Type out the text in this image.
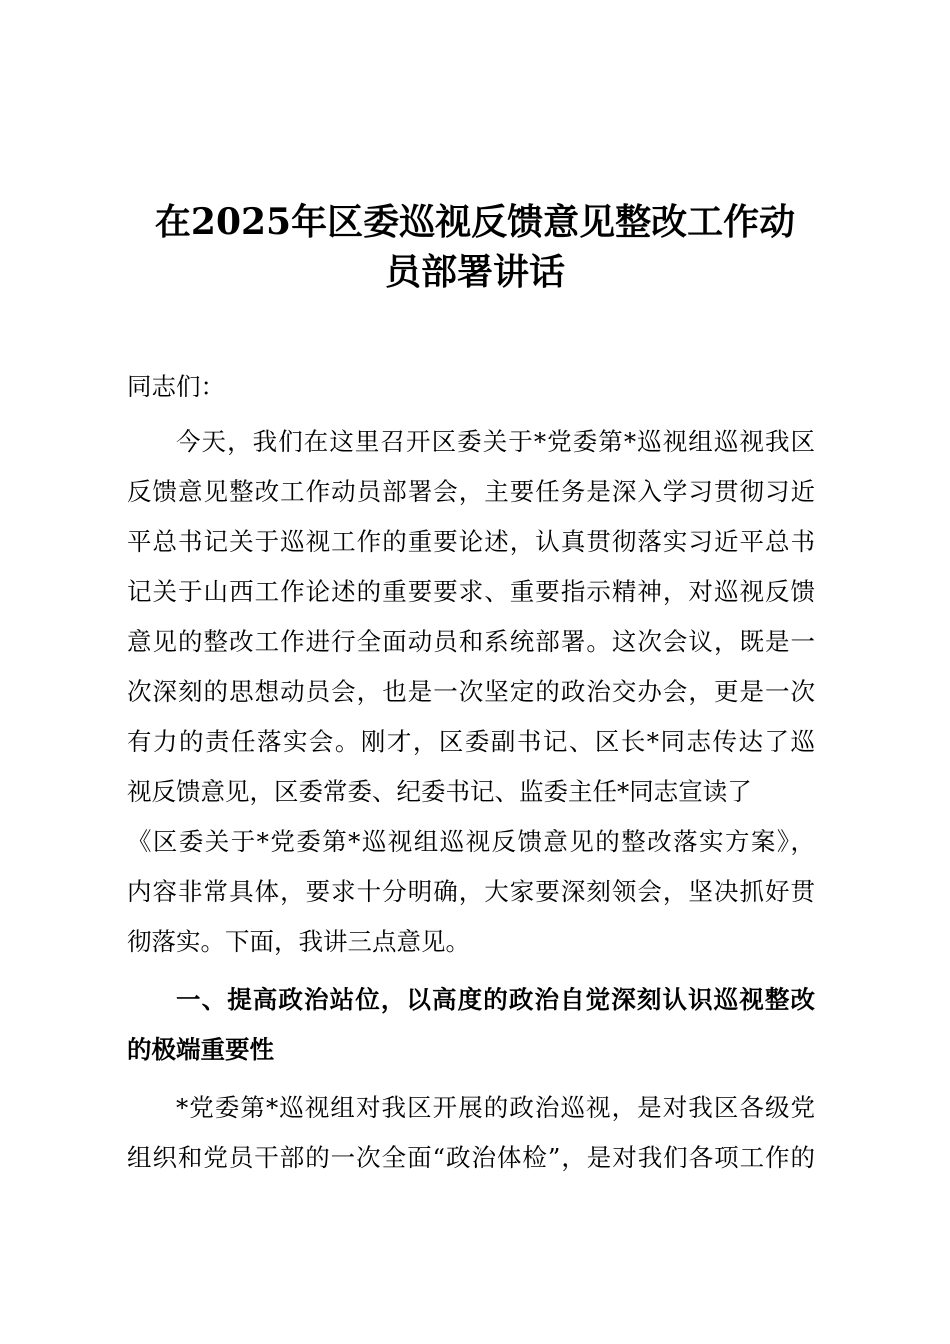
在2025年区委巡视反馈意见整改工作动
员部署讲话
同志们：
今天，我们在这里召开区委关于*党委第*巡视组巡视我区
反馈意见整改工作动员部署会，主要任务是深入学习贯彻习近
平总书记关于巡视工作的重要论述，认真贯彻落实习近平总书
记关于山西工作论述的重要要求、重要指示精神，对巡视反馈
意见的整改工作进行全面动员和系统部署。这次会议，既是一
次深刻的思想动员会，也是一次坚定的政治交办会，更是一次
有力的责任落实会。刚才，区委副书记、区长*同志传达了巡
视反馈意见，区委常委、纪委书记、监委主任*同志宣读了
《区委关于*党委第*巡视组巡视反馈意见的整改落实方案》，
内容非常具体，要求十分明确，大家要深刻领会，坚决抓好贯
彻落实。下面，我讲三点意见。
一、提高政治站位，以高度的政治自觉深刻认识巡视整改
的极端重要性
*党委第*巡视组对我区开展的政治巡视，是对我区各级党
组织和党员干部的一次全面“政治体检”，是对我们各项工作的
